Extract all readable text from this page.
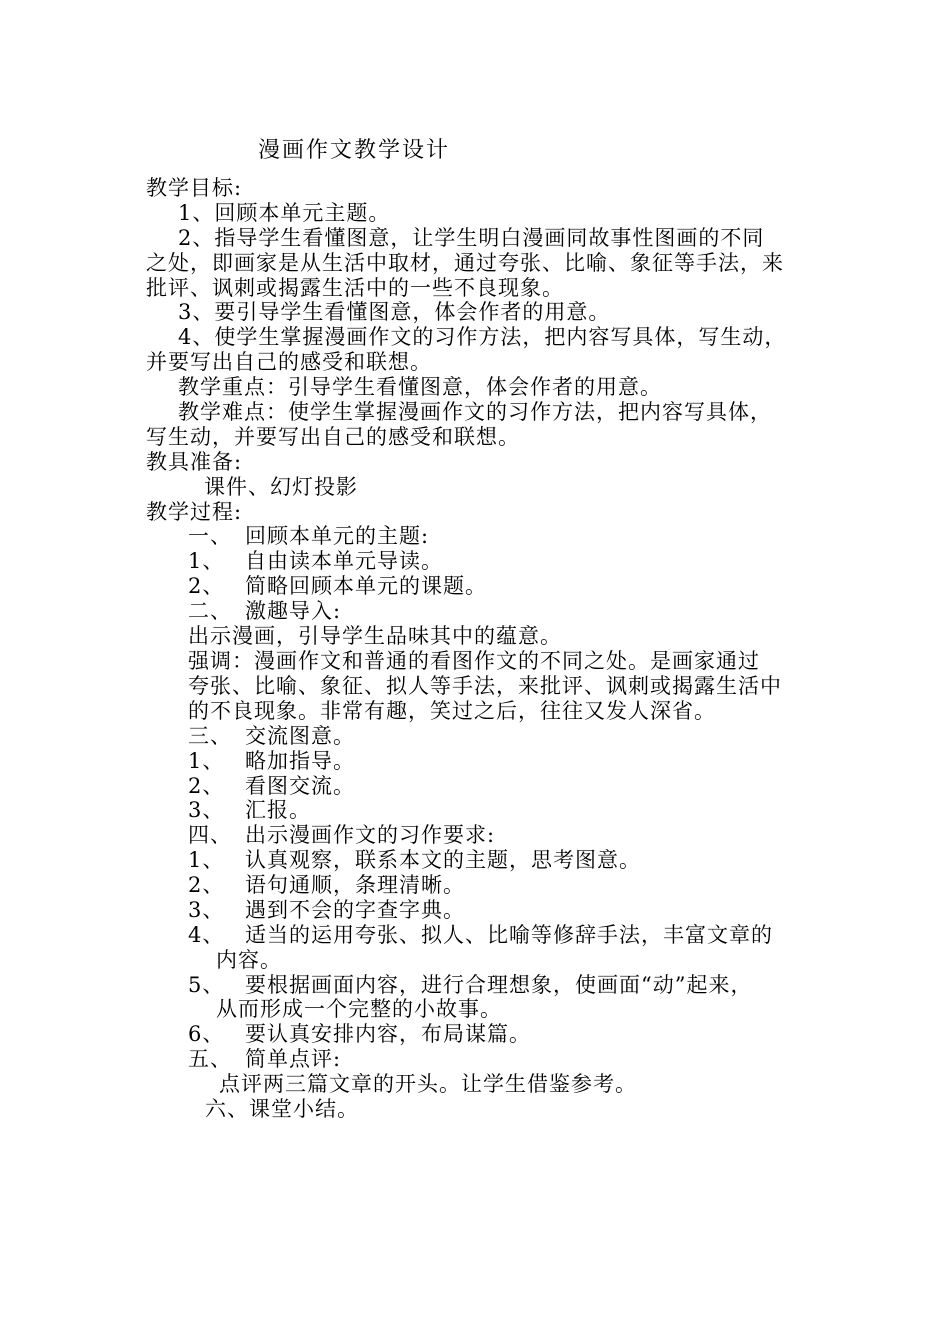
漫画作文教学设计
教学目标:
1、回顾本单元主题。
2、指导学生看懂图意，让学生明白漫画同故事性图画的不同
之处，即画家是从生活中取材，通过夸张、比喻、象征等手法，来
批评、讽刺或揭露生活中的一些不良现象。
3、要引导学生看懂图意，体会作者的用意。
4、使学生掌握漫画作文的习作方法，把内容写具体，写生动，
并要写出自己的感受和联想。
教学重点：引导学生看懂图意，体会作者的用意。
教学难点：使学生掌握漫画作文的习作方法，把内容写具体，
写生动，并要写出自己的感受和联想。
教具准备:
课件、幻灯投影
教学过程:
一、 回顾本单元的主题:
1、 自由读本单元导读。
2、 简略回顾本单元的课题。
二、 激趣导入:
出示漫画，引导学生品味其中的蕴意。
强调：漫画作文和普通的看图作文的不同之处。是画家通过
夸张、比喻、象征、拟人等手法，来批评、讽刺或揭露生活中
的不良现象。非常有趣，笑过之后，往往又发人深省。
三、 交流图意。
1、 略加指导。
2、 看图交流。
3、 汇报。
四、 出示漫画作文的习作要求:
1、 认真观察，联系本文的主题，思考图意。
2、 语句通顺，条理清晰。
3、 遇到不会的字查字典。
4、 适当的运用夸张、拟人、比喻等修辞手法，丰富文章的
内容。
5、 要根据画面内容，进行合理想象，使画面“动”起来，
从而形成一个完整的小故事。
6、 要认真安排内容，布局谋篇。
五、 简单点评:
点评两三篇文章的开头。让学生借鉴参考。
六、课堂小结。
